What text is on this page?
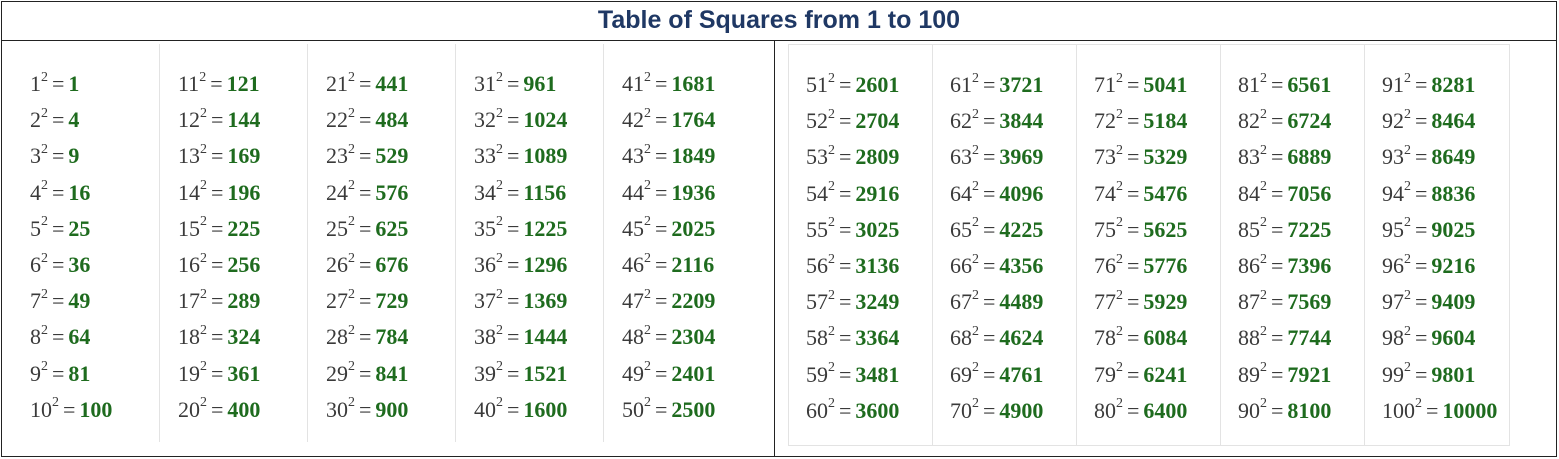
Table of Squares from 1 to 100
$1^2 = 1$
$2^2 = 4$
$3^2 = 9$
$4^2 = 16$
$5^2 = 25$
$6^2 = 36$
$7^2 = 49$
$8^2 = 64$
$9^2 = 81$
$10^2 = 100$
$11^2 = 121$
$12^2 = 144$
$13^2 = 169$
$14^2 = 196$
$15^2 = 225$
$16^2 = 256$
$17^2 = 289$
$18^2 = 324$
$19^2 = 361$
$20^2 = 400$
$21^2 = 441$
$22^2 = 484$
$23^2 = 529$
$24^2 = 576$
$25^2 = 625$
$26^2 = 676$
$27^2 = 729$
$28^2 = 784$
$29^2 = 841$
$30^2 = 900$
$31^2 = 961$
$32^2 = 1024$
$33^2 = 1089$
$34^2 = 1156$
$35^2 = 1225$
$36^2 = 1296$
$37^2 = 1369$
$38^2 = 1444$
$39^2 = 1521$
$40^2 = 1600$
$41^2 = 1681$
$42^2 = 1764$
$43^2 = 1849$
$44^2 = 1936$
$45^2 = 2025$
$46^2 = 2116$
$47^2 = 2209$
$48^2 = 2304$
$49^2 = 2401$
$50^2 = 2500$
$51^2 = 2601$
$52^2 = 2704$
$53^2 = 2809$
$54^2 = 2916$
$55^2 = 3025$
$56^2 = 3136$
$57^2 = 3249$
$58^2 = 3364$
$59^2 = 3481$
$60^2 = 3600$
$61^2 = 3721$
$62^2 = 3844$
$63^2 = 3969$
$64^2 = 4096$
$65^2 = 4225$
$66^2 = 4356$
$67^2 = 4489$
$68^2 = 4624$
$69^2 = 4761$
$70^2 = 4900$
$71^2 = 5041$
$72^2 = 5184$
$73^2 = 5329$
$74^2 = 5476$
$75^2 = 5625$
$76^2 = 5776$
$77^2 = 5929$
$78^2 = 6084$
$79^2 = 6241$
$80^2 = 6400$
$81^2 = 6561$
$82^2 = 6724$
$83^2 = 6889$
$84^2 = 7056$
$85^2 = 7225$
$86^2 = 7396$
$87^2 = 7569$
$88^2 = 7744$
$89^2 = 7921$
$90^2 = 8100$
$91^2 = 8281$
$92^2 = 8464$
$93^2 = 8649$
$94^2 = 8836$
$95^2 = 9025$
$96^2 = 9216$
$97^2 = 9409$
$98^2 = 9604$
$99^2 = 9801$
$100^2 = 10000$
